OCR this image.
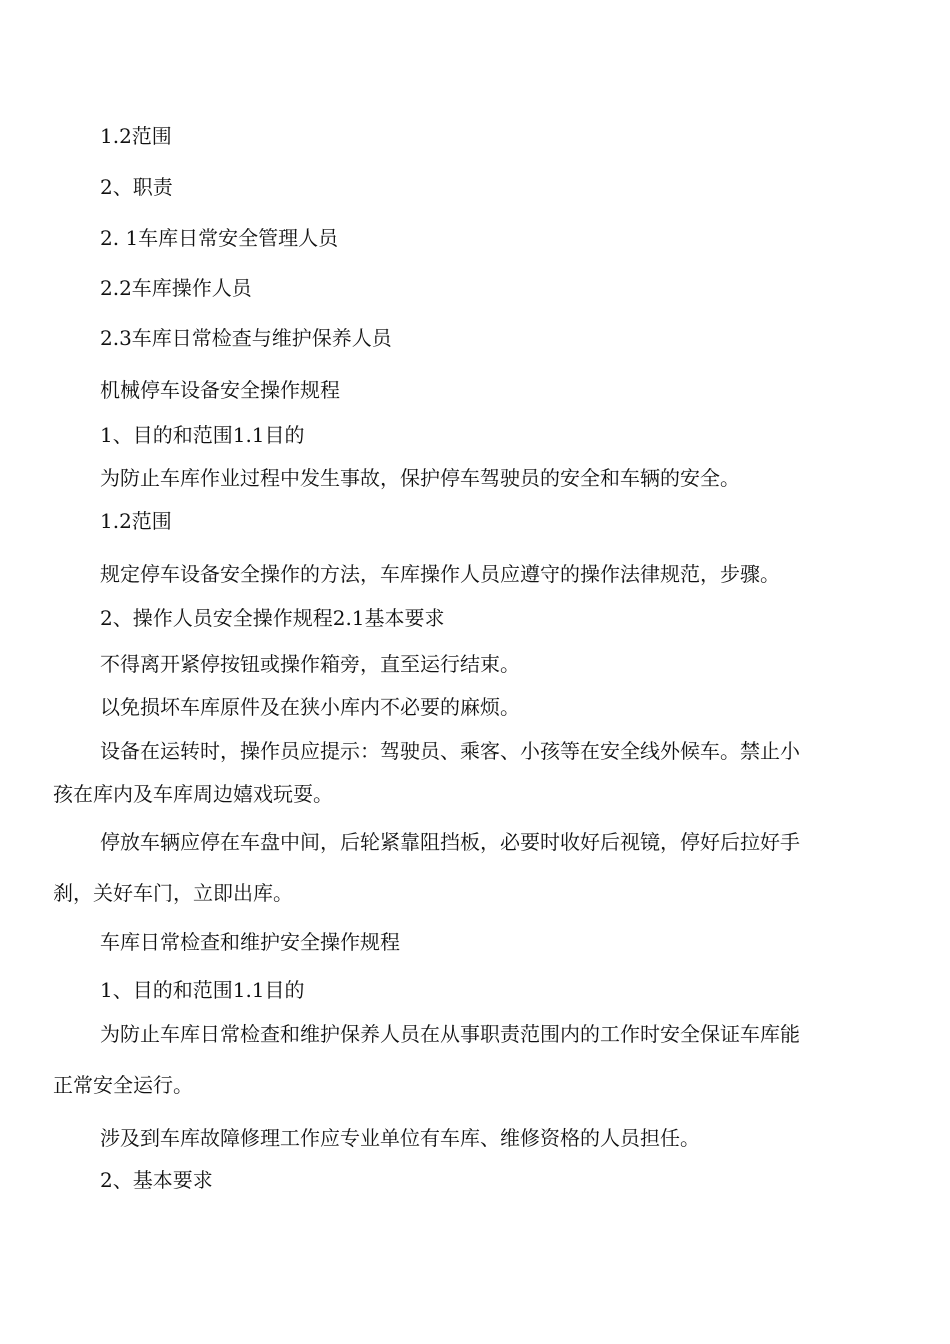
1.2范围

2、职责

2. 1车库日常安全管理人员

2.2车库操作人员

2.3车库日常检查与维护保养人员

机械停车设备安全操作规程

1、目的和范围1.1目的

为防止车库作业过程中发生事故，保护停车驾驶员的安全和车辆的安全。

1.2范围

规定停车设备安全操作的方法，车库操作人员应遵守的操作法律规范，步骤。

2、操作人员安全操作规程2.1基本要求

不得离开紧停按钮或操作箱旁，直至运行结束。

以免损坏车库原件及在狭小库内不必要的麻烦。

设备在运转时，操作员应提示：驾驶员、乘客、小孩等在安全线外候车。禁止小

孩在库内及车库周边嬉戏玩耍。

停放车辆应停在车盘中间，后轮紧靠阻挡板，必要时收好后视镜，停好后拉好手

刹，关好车门，立即出库。

车库日常检查和维护安全操作规程

1、目的和范围1.1目的

为防止车库日常检查和维护保养人员在从事职责范围内的工作时安全保证车库能

正常安全运行。

涉及到车库故障修理工作应专业单位有车库、维修资格的人员担任。

2、基本要求
